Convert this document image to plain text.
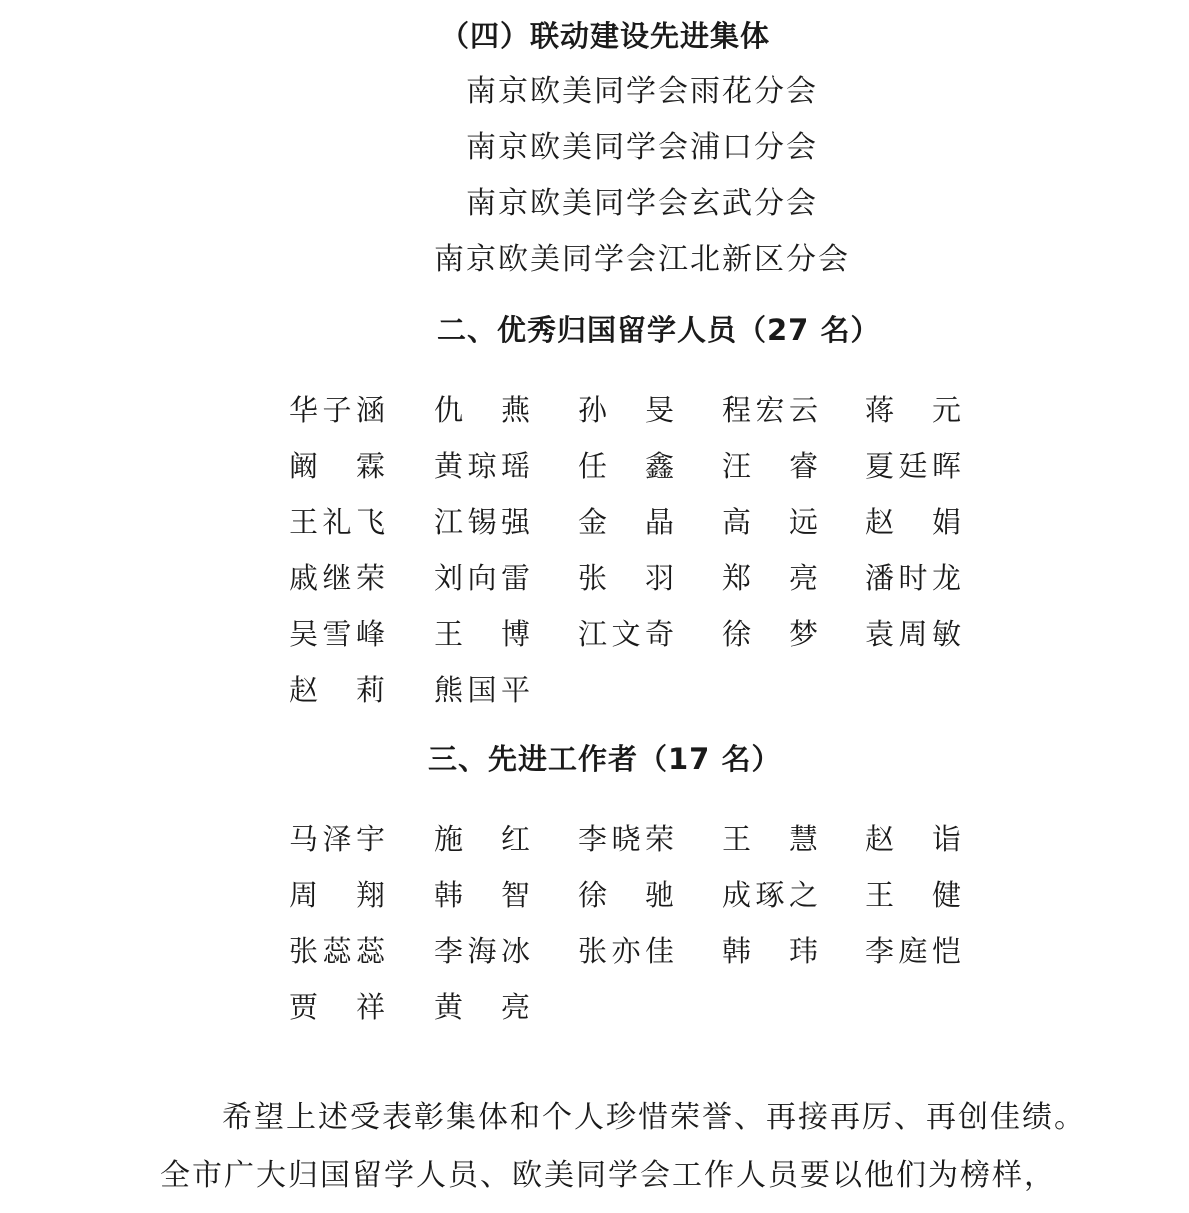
（四）联动建设先进集体
南京欧美同学会雨花分会
南京欧美同学会浦口分会
南京欧美同学会玄武分会
南京欧美同学会江北新区分会
二、优秀归国留学人员（27 名）
华 子 涵 仇 燕 孙 旻 程 宏 云 蒋 元
阚 霖 黄 琼 瑶 任 鑫 汪 睿 夏 廷 晖
王 礼 飞 江 锡 强 金 晶 高 远 赵 娟
戚 继 荣 刘 向 雷 张 羽 郑 亮 潘 时 龙
吴 雪 峰 王 博 江 文 奇 徐 梦 袁 周 敏
赵 莉 熊 国 平
三、先进工作者（17 名）
马 泽 宇 施 红 李 晓 荣 王 慧 赵 诣
周 翔 韩 智 徐 驰 成 琢 之 王 健
张 蕊 蕊 李 海 冰 张 亦 佳 韩 玮 李 庭 恺
贾 祥 黄 亮
希望上述受表彰集体和个人珍惜荣誉、再接再厉、再创佳绩。
全市广大归国留学人员、欧美同学会工作人员要以他们为榜样，
